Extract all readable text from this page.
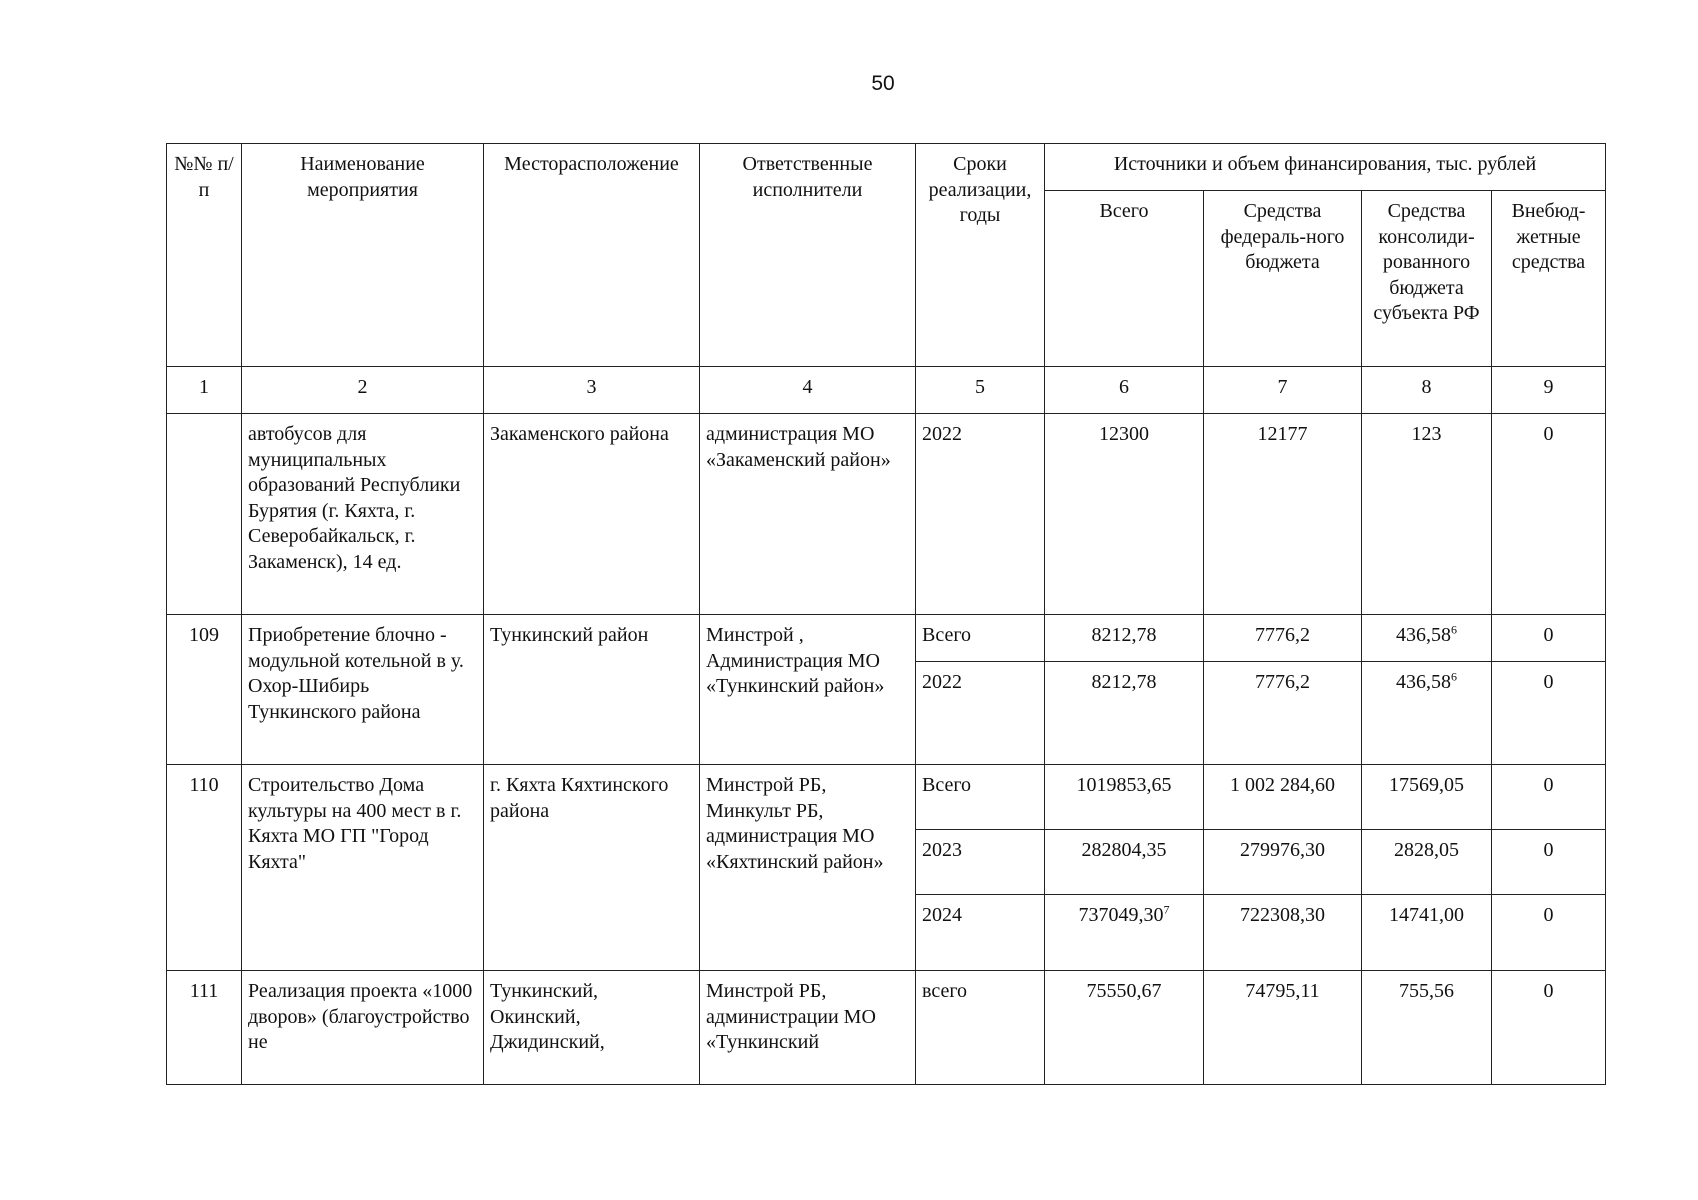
50
№№ п/п	Наименование мероприятия	Месторасположение	Ответственные исполнители	Сроки реализации, годы	Источники и объем финансирования, тыс. рублей			
					Всего	Средства федераль-ного бюджета	Средства консолиди-рованного бюджета субъекта РФ	Внебюд-жетные средства
1	2	3	4	5	6	7	8	9
	автобусов для муниципальных образований Республики Бурятия (г. Кяхта, г. Северобайкальск, г. Закаменск), 14 ед.	Закаменского района	администрация МО «Закаменский район»	2022	12300	12177	123	0
109	Приобретение блочно - модульной котельной в у. Охор-Шибирь Тункинского района	Тункинский район	Минстрой , Администрация МО «Тункинский район»	Всего	8212,78	7776,2	436,58$^6$	0
				2022	8212,78	7776,2	436,58$^6$	0
110	Строительство Дома культуры на 400 мест в г. Кяхта МО ГП "Город Кяхта"	г. Кяхта Кяхтинского района	Минстрой РБ, Минкульт РБ, администрация МО «Кяхтинский район»	Всего	1019853,65	1 002 284,60	17569,05	0
				2023	282804,35	279976,30	2828,05	0
				2024	737049,30$^7$	722308,30	14741,00	0
111	Реализация проекта «1000 дворов» (благоустройство не	Тункинский, Окинский, Джидинский,	Минстрой РБ, администрации МО «Тункинский	всего	75550,67	74795,11	755,56	0
